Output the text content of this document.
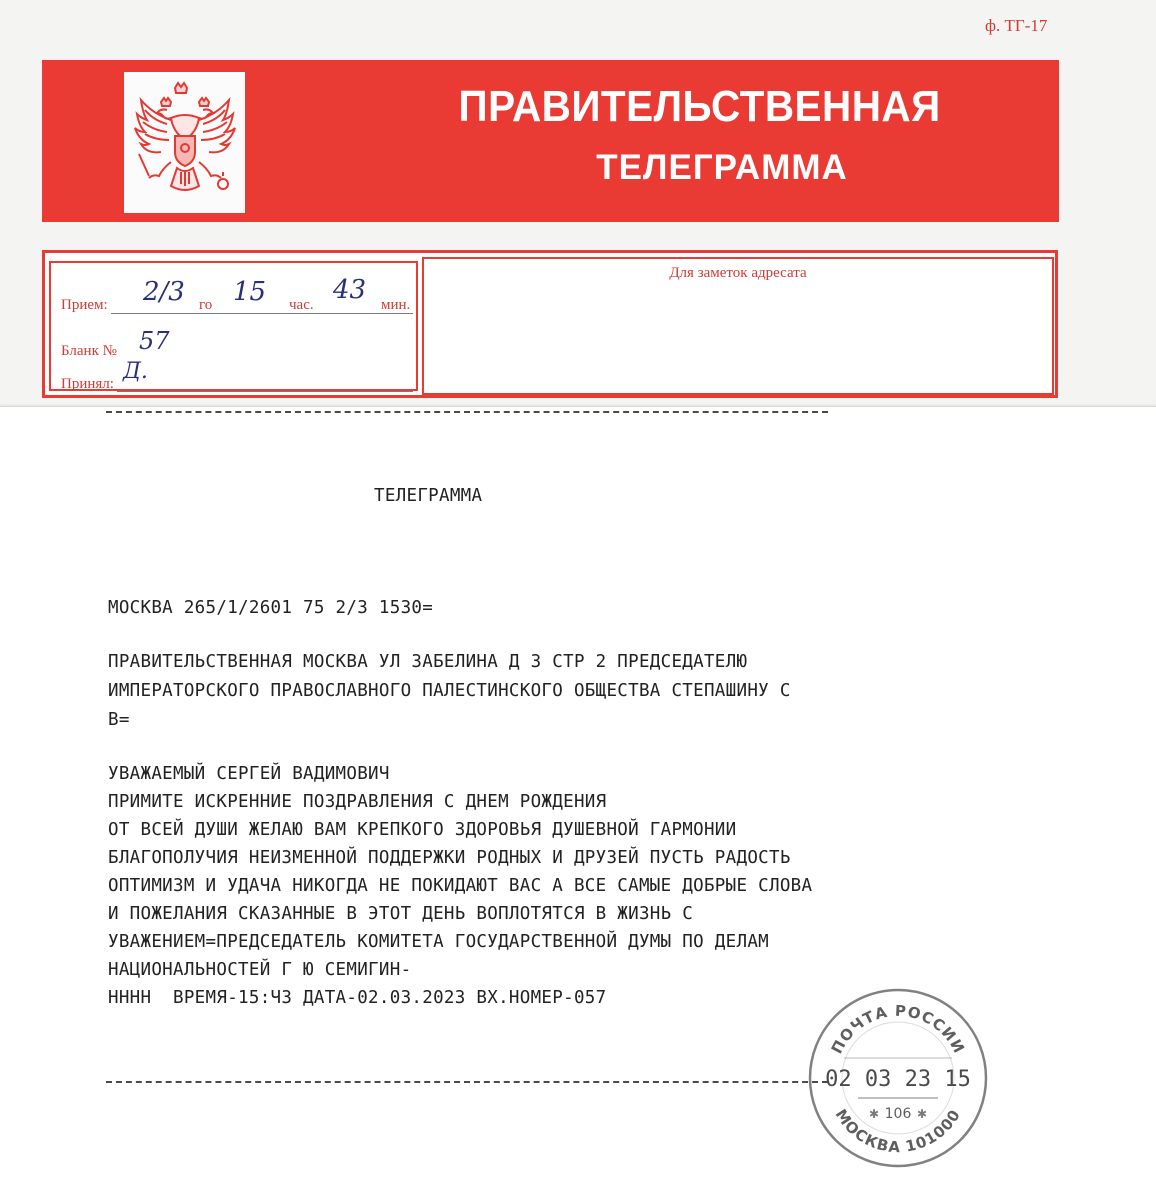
ф. ТГ-17
ПРАВИТЕЛЬСТВЕННАЯ
ТЕЛЕГРАММА
Прием: 2/3 го 15 час. 43 мин.
Бланк № 57
Принял: Д.
Для заметок адресата
ТЕЛЕГРАММА
МОСКВА 265/1/2601 75 2/3 1530=
ПРАВИТЕЛЬСТВЕННАЯ МОСКВА УЛ ЗАБЕЛИНА Д 3 СТР 2 ПРЕДСЕДАТЕЛЮ
ИМПЕРАТОРСКОГО ПРАВОСЛАВНОГО ПАЛЕСТИНСКОГО ОБЩЕСТВА СТЕПАШИНУ С
В=
УВАЖАЕМЫЙ СЕРГЕЙ ВАДИМОВИЧ
ПРИМИТЕ ИСКРЕННИЕ ПОЗДРАВЛЕНИЯ С ДНЕМ РОЖДЕНИЯ
ОТ ВСЕЙ ДУШИ ЖЕЛАЮ ВАМ КРЕПКОГО ЗДОРОВЬЯ ДУШЕВНОЙ ГАРМОНИИ
БЛАГОПОЛУЧИЯ НЕИЗМЕННОЙ ПОДДЕРЖКИ РОДНЫХ И ДРУЗЕЙ ПУСТЬ РАДОСТЬ
ОПТИМИЗМ И УДАЧА НИКОГДА НЕ ПОКИДАЮТ ВАС А ВСЕ САМЫЕ ДОБРЫЕ СЛОВА
И ПОЖЕЛАНИЯ СКАЗАННЫЕ В ЭТОТ ДЕНЬ ВОПЛОТЯТСЯ В ЖИЗНЬ С
УВАЖЕНИЕМ=ПРЕДСЕДАТЕЛЬ КОМИТЕТА ГОСУДАРСТВЕННОЙ ДУМЫ ПО ДЕЛАМ
НАЦИОНАЛЬНОСТЕЙ Г Ю СЕМИГИН-
НННН  ВРЕМЯ-15:ЧЗ ДАТА-02.03.2023 ВХ.НОМЕР-057
ПОЧТА РОССИИ
02 03 23 15
106
✱	✱
МОСКВА 101000
